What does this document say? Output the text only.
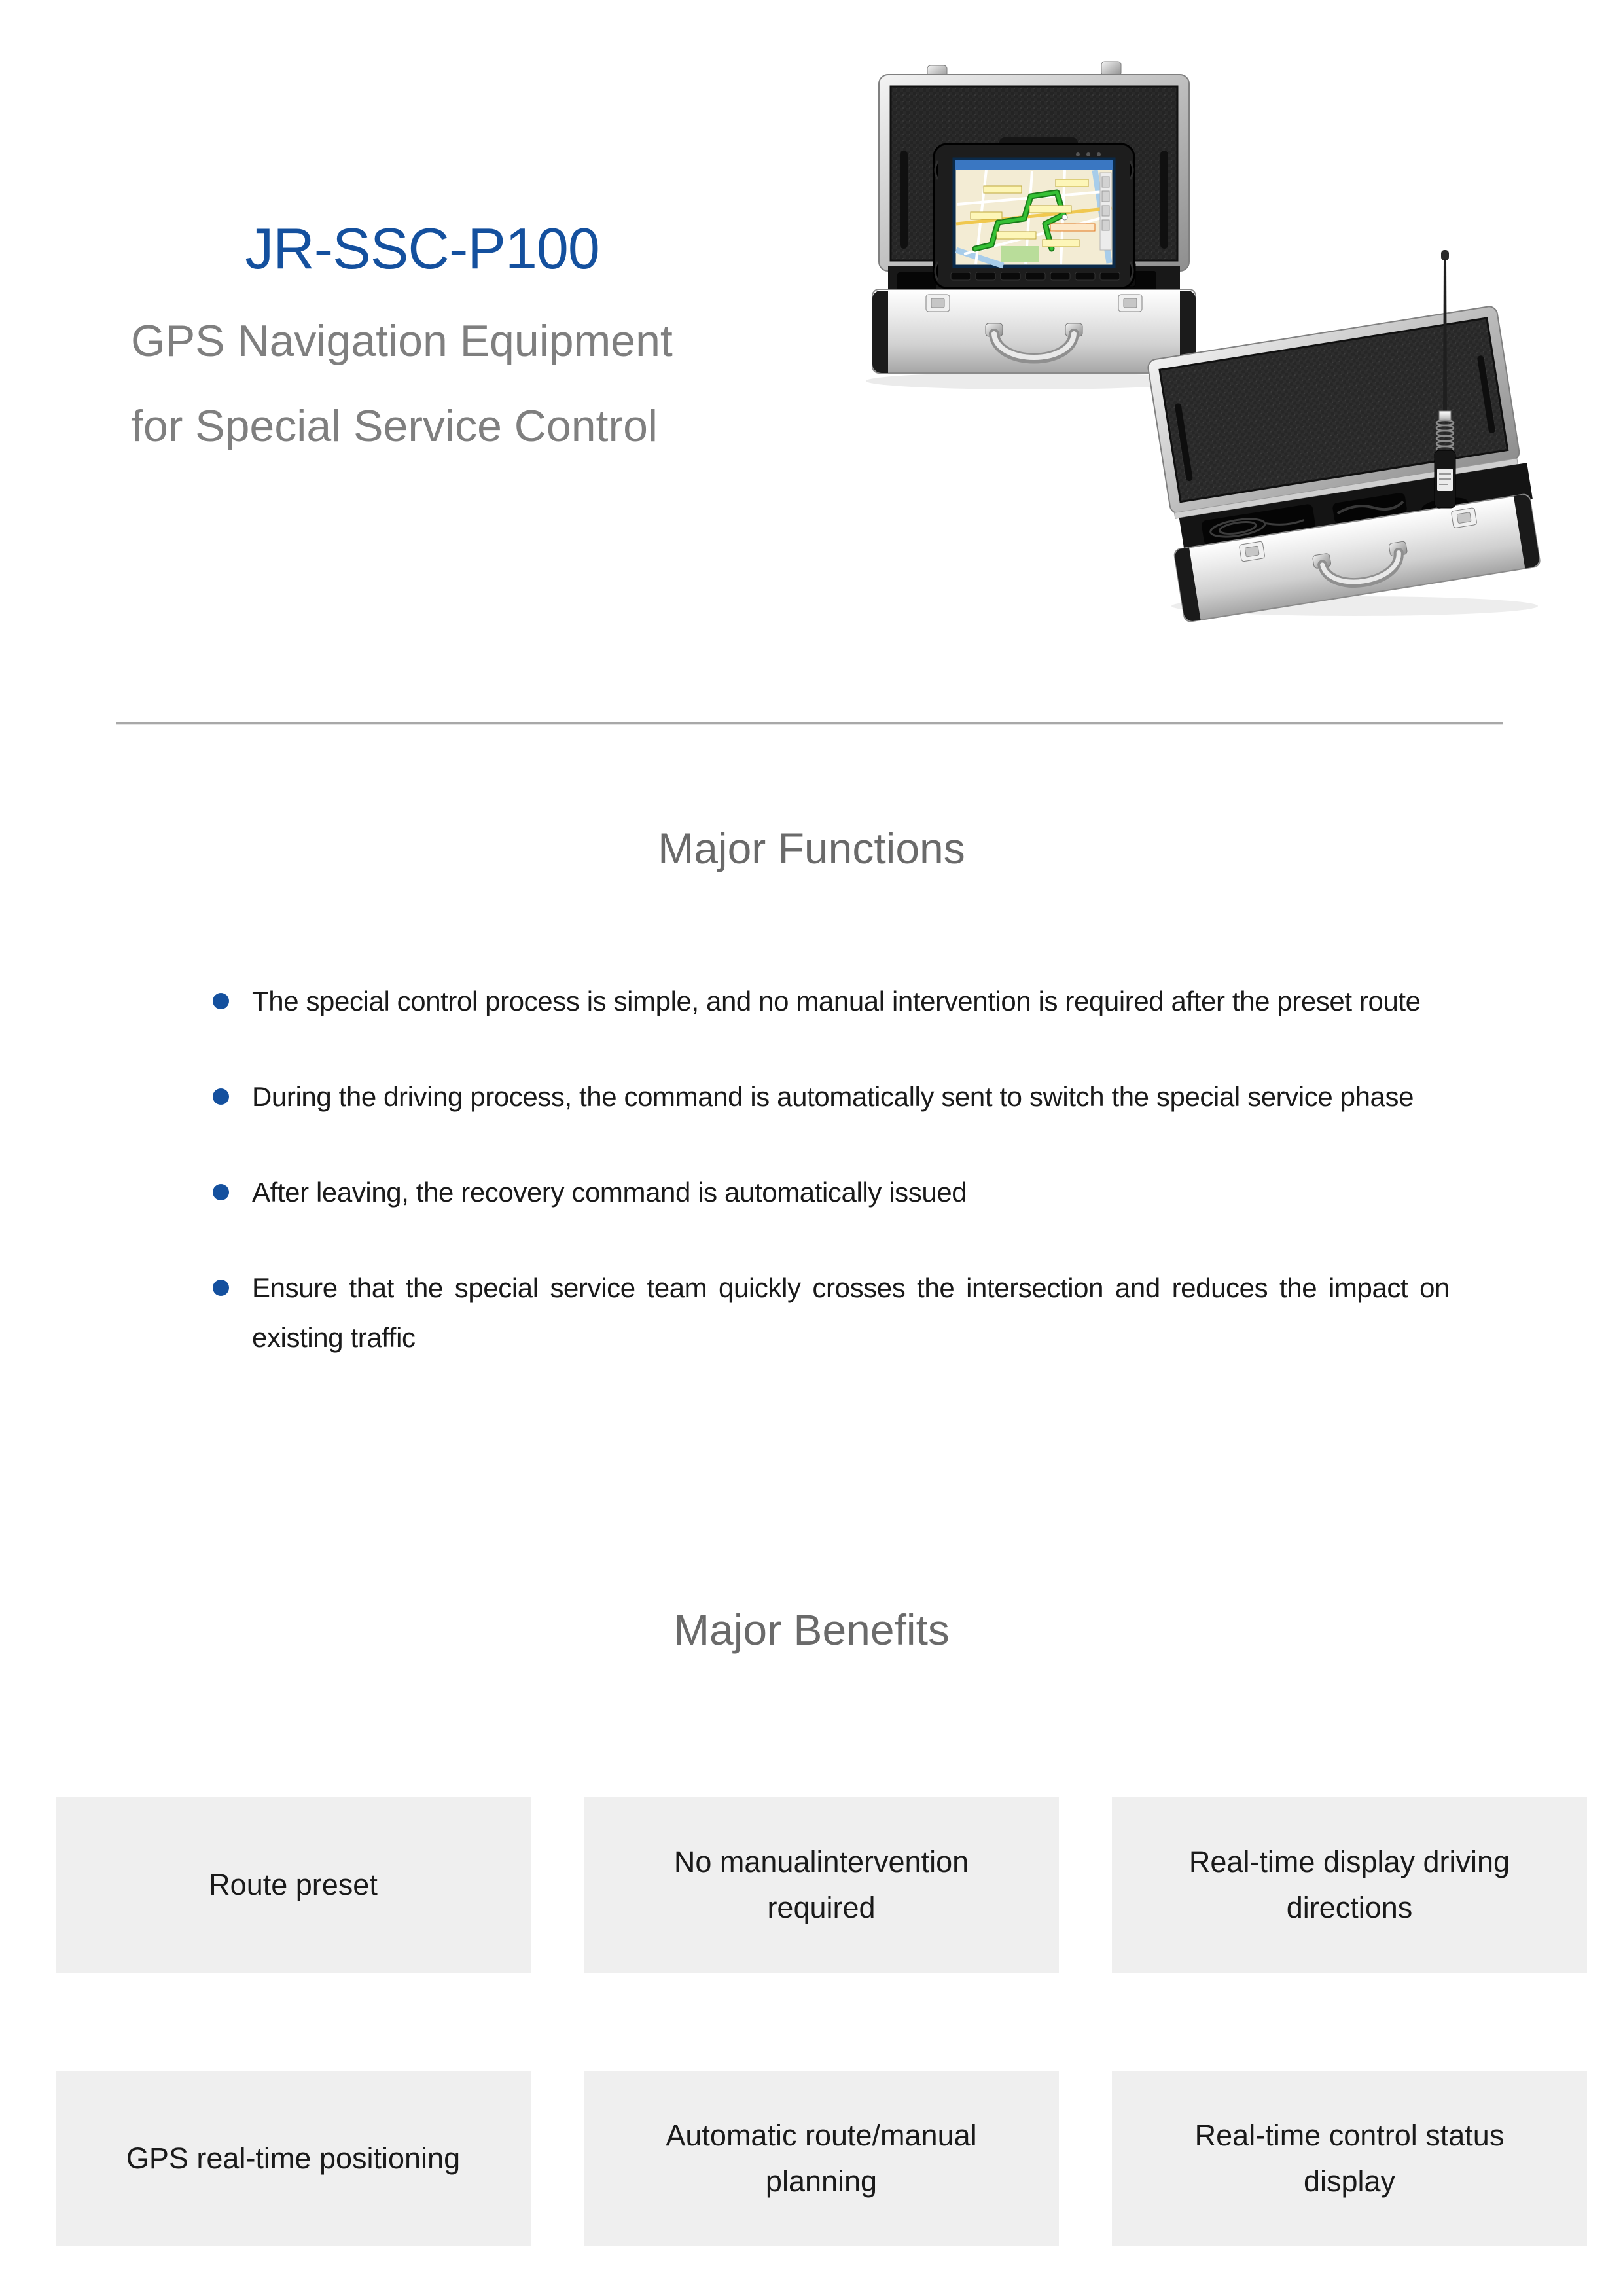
JR-SSC-P100
GPS Navigation Equipment
for Special Service Control
Major Functions
The special control process is simple, and no manual intervention is required after the preset route
During the driving process, the command is automatically sent to switch the special service phase
After leaving, the recovery command is automatically issued
Ensure that the special service team quickly crosses the intersection and reduces the impact on existing traffic
Major Benefits
Route preset
No manualintervention required
Real-time display driving directions
GPS real-time positioning
Automatic route/manual planning
Real-time control status display
